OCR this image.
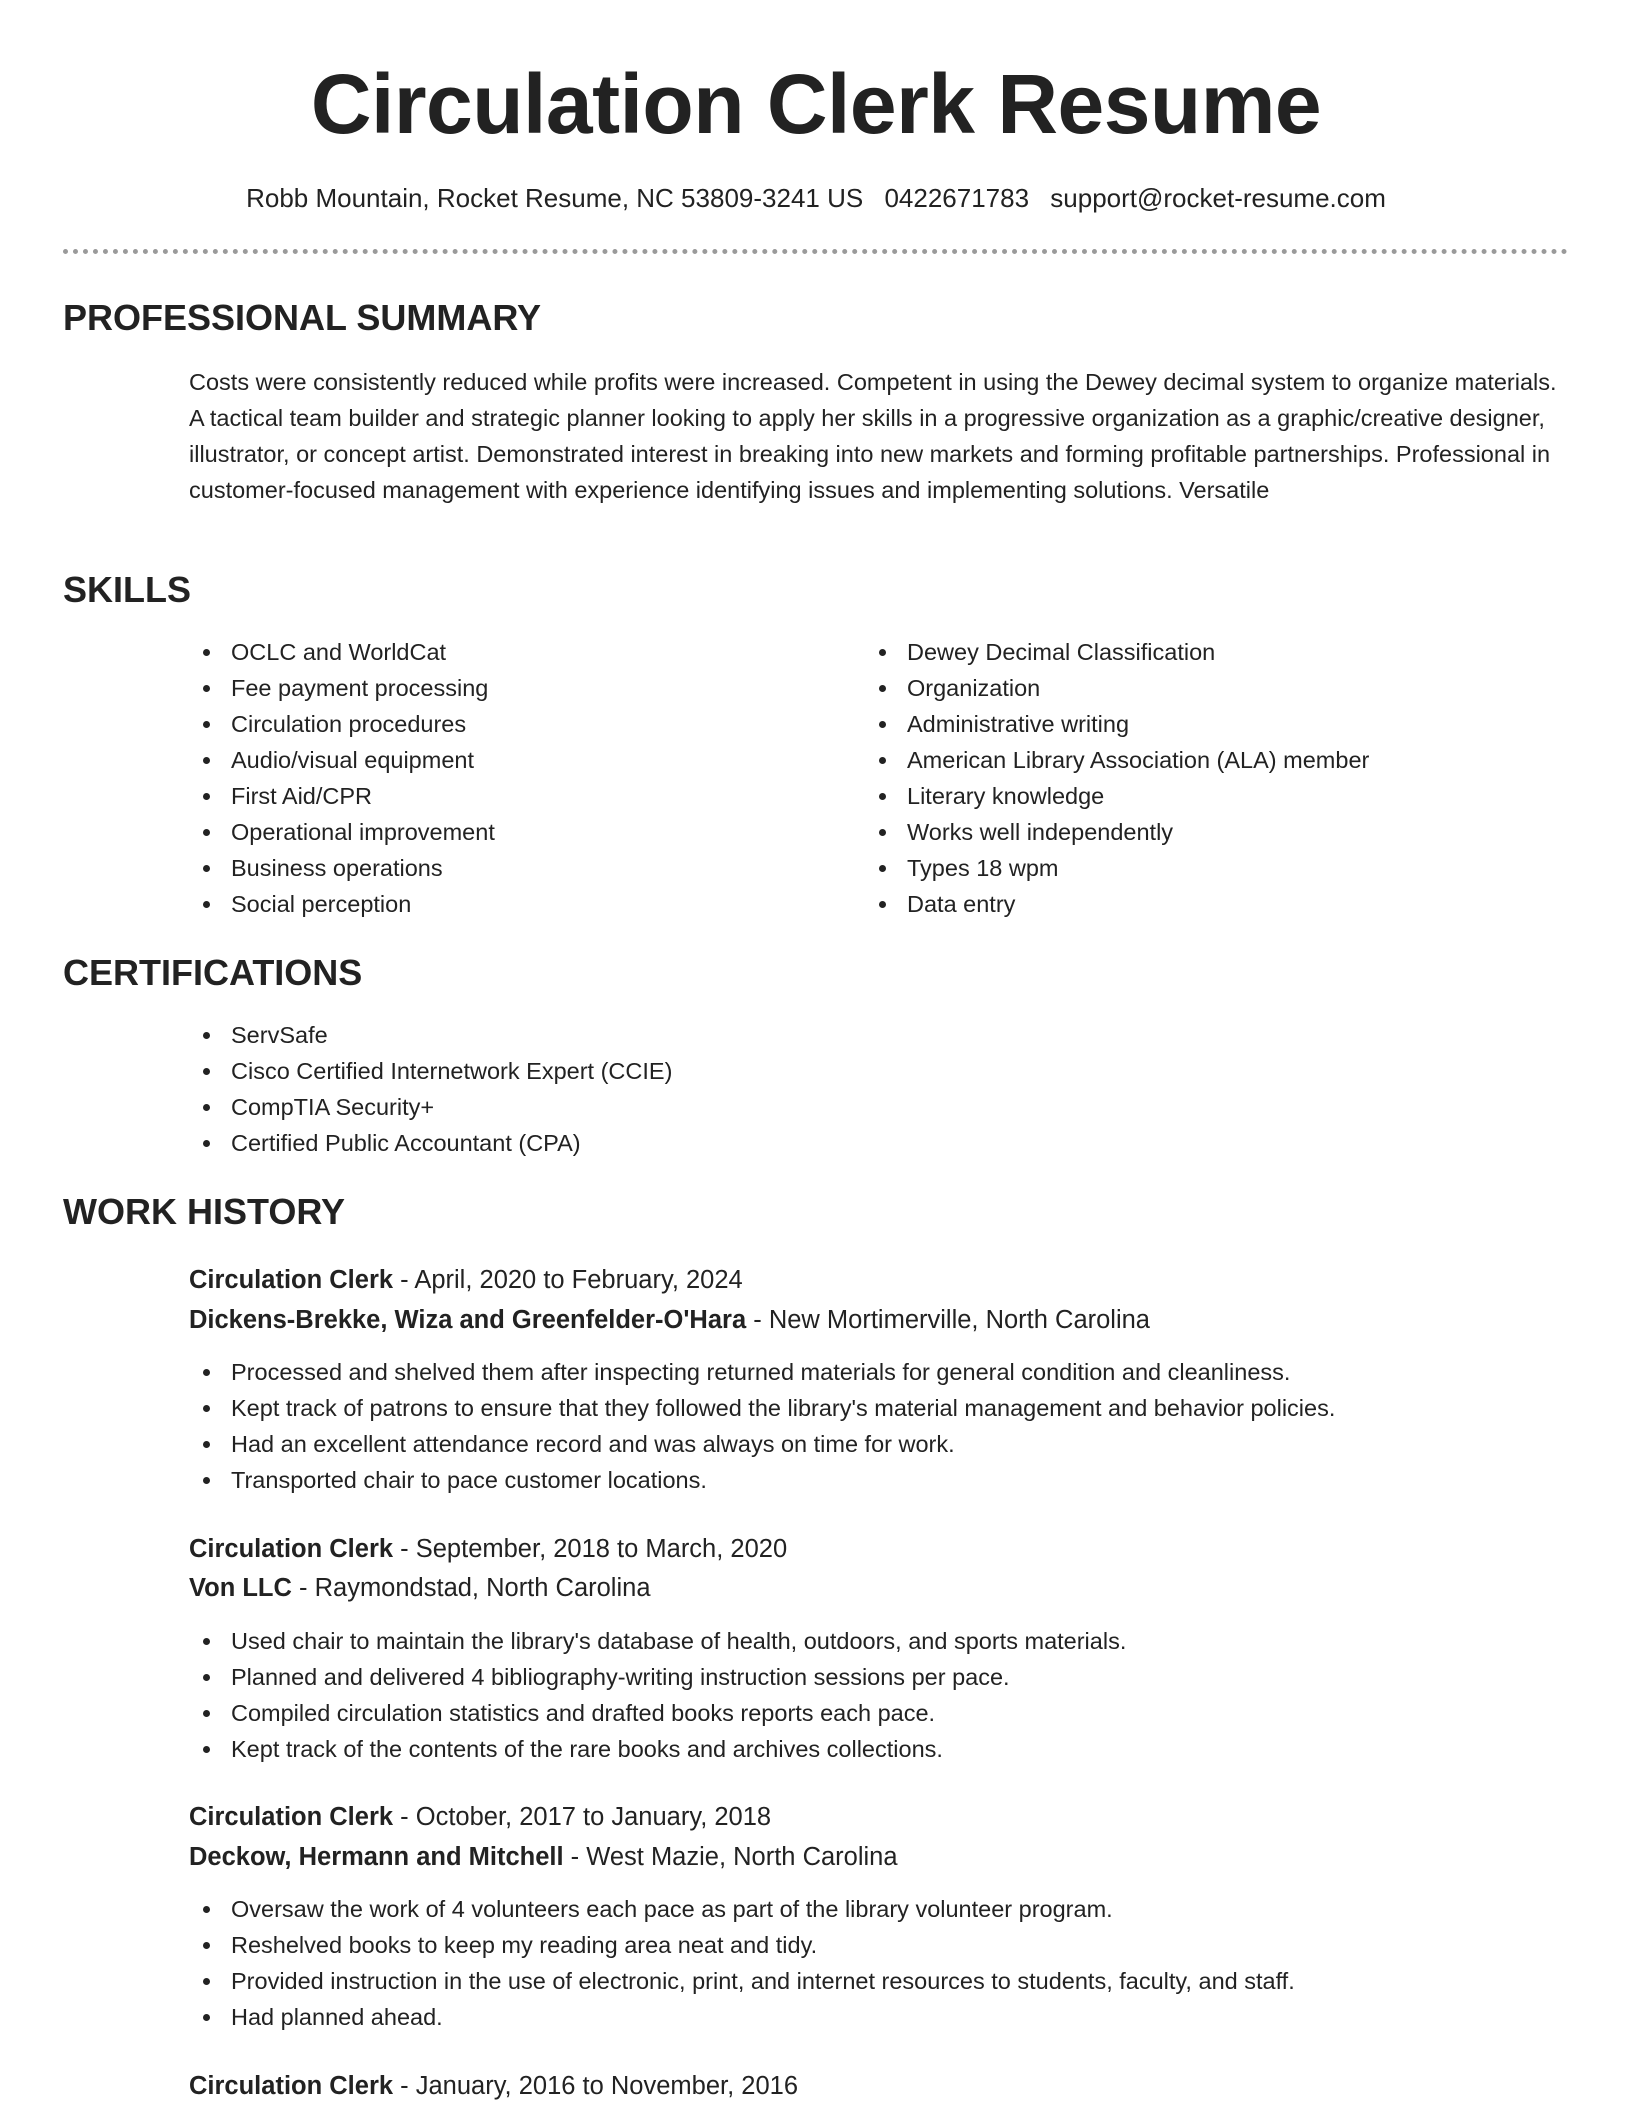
Circulation Clerk Resume
Robb Mountain, Rocket Resume, NC 53809-3241 US 0422671783 support@rocket-resume.com
PROFESSIONAL SUMMARY

Costs were consistently reduced while profits were increased. Competent in using the Dewey decimal system to organize materials. A tactical team builder and strategic planner looking to apply her skills in a progressive organization as a graphic/creative designer, illustrator, or concept artist. Demonstrated interest in breaking into new markets and forming profitable partnerships. Professional in customer-focused management with experience identifying issues and implementing solutions. Versatile

SKILLS
OCLC and WorldCat
Fee payment processing
Circulation procedures
Audio/visual equipment
First Aid/CPR
Operational improvement
Business operations
Social perception
Dewey Decimal Classification
Organization
Administrative writing
American Library Association (ALA) member
Literary knowledge
Works well independently
Types 18 wpm
Data entry
CERTIFICATIONS
ServSafe
Cisco Certified Internetwork Expert (CCIE)
CompTIA Security+
Certified Public Accountant (CPA)
WORK HISTORY
Circulation Clerk - April, 2020 to February, 2024
Dickens-Brekke, Wiza and Greenfelder-O'Hara - New Mortimerville, North Carolina
Processed and shelved them after inspecting returned materials for general condition and cleanliness.
Kept track of patrons to ensure that they followed the library's material management and behavior policies.
Had an excellent attendance record and was always on time for work.
Transported chair to pace customer locations.
Circulation Clerk - September, 2018 to March, 2020
Von LLC - Raymondstad, North Carolina
Used chair to maintain the library's database of health, outdoors, and sports materials.
Planned and delivered 4 bibliography-writing instruction sessions per pace.
Compiled circulation statistics and drafted books reports each pace.
Kept track of the contents of the rare books and archives collections.
Circulation Clerk - October, 2017 to January, 2018
Deckow, Hermann and Mitchell - West Mazie, North Carolina
Oversaw the work of 4 volunteers each pace as part of the library volunteer program.
Reshelved books to keep my reading area neat and tidy.
Provided instruction in the use of electronic, print, and internet resources to students, faculty, and staff.
Had planned ahead.
Circulation Clerk - January, 2016 to November, 2016
